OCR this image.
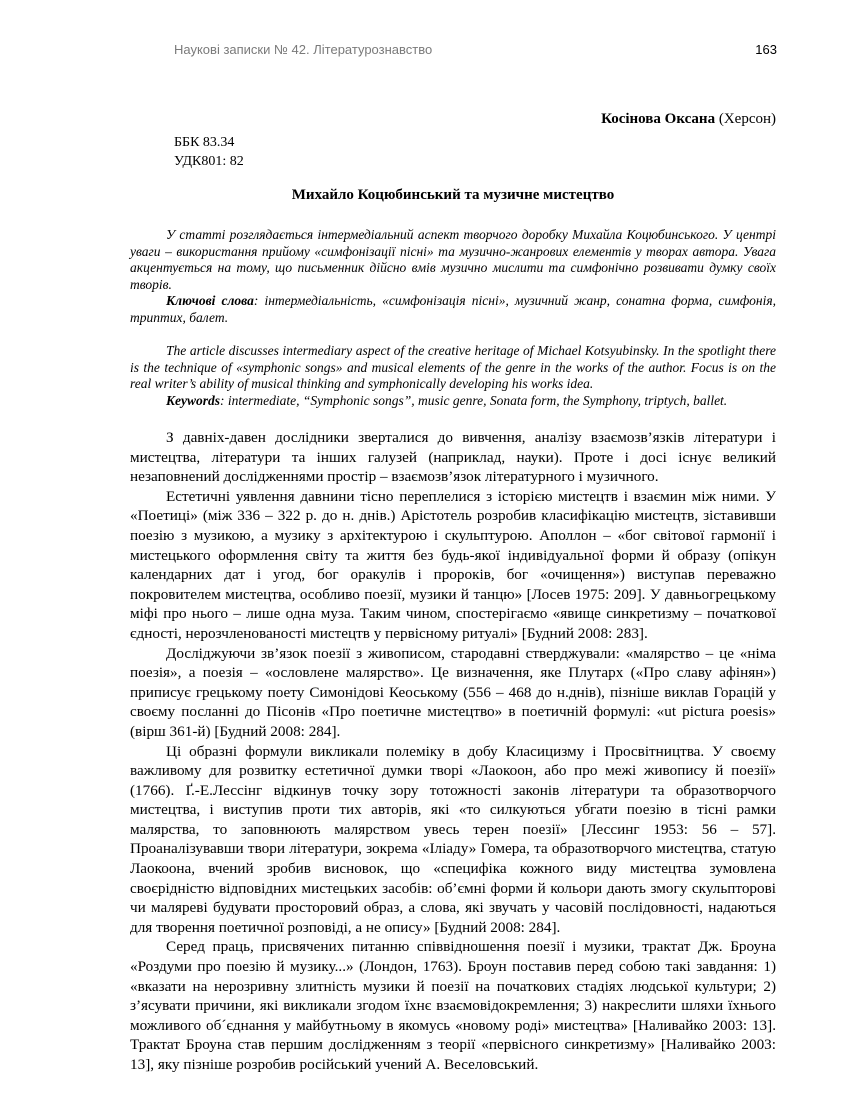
Наукові записки № 42. Літературознавство	163
Косінова Оксана (Херсон)
ББК 83.34
УДК801: 82
Михайло Коцюбинський та музичне мистецтво

У статті розглядається інтермедіальний аспект творчого доробку Михайла Коцюбинського. У центрі уваги – використання прийому «симфонізації пісні» та музично-жанрових елементів у творах автора. Увага акцентується на тому, що письменник дійсно вмів музично мислити та симфонічно розвивати думку своїх творів.

Ключові слова: інтермедіальність, «симфонізація пісні», музичний жанр, сонатна форма, симфонія, триптих, балет.

The article discusses intermediary aspect of the creative heritage of Michael Kotsyubinsky. In the spotlight there is the technique of «symphonic songs» and musical elements of the genre in the works of the author. Focus is on the real writer’s ability of musical thinking and symphonically developing his works idea.

Keywords: intermediate, “Symphonic songs”, music genre, Sonata form, the Symphony, triptych, ballet.

З давніх-давен дослідники зверталися до вивчення, аналізу взаємозв’язків літератури і мистецтва, літератури та інших галузей (наприклад, науки). Проте і досі існує великий незаповнений дослідженнями простір – взаємозв’язок літературного і музичного.

Естетичні уявлення давнини тісно переплелися з історією мистецтв і взаємин між ними. У «Поетиці» (між 336 – 322 р. до н. днів.) Арістотель розробив класифікацію мистецтв, зіставивши поезію з музикою, а музику з архітектурою і скульптурою. Аполлон – «бог світової гармонії і мистецького оформлення світу та життя без будь-якої індивідуальної форми й образу (опікун календарних дат і угод, бог оракулів і пророків, бог «очищення») виступав переважно покровителем мистецтва, особливо поезії, музики й танцю» [Лосев 1975: 209]. У давньогрецькому міфі про нього – лише одна муза. Таким чином, спостерігаємо «явище синкретизму – початкової єдності, нерозчленованості мистецтв у первісному ритуалі» [Будний 2008: 283].

Досліджуючи зв’язок поезії з живописом, стародавні стверджували: «малярство – це «німа поезія», а поезія – «ословлене малярство». Це визначення, яке Плутарх («Про славу афінян») приписує грецькому поету Симонідові Кеоському (556 – 468 до н.днів), пізніше виклав Горацій у своєму посланні до Пісонів «Про поетичне мистецтво» в поетичній формулі: «ut pictura poesis» (вірш 361-й) [Будний 2008: 284].

Ці образні формули викликали полеміку в добу Класицизму і Просвітництва. У своєму важливому для розвитку естетичної думки творі «Лаокоон, або про межі живопису й поезії» (1766). Ґ.-Е.Лессінг відкинув точку зору тотожності законів літератури та образотворчого мистецтва, і виступив проти тих авторів, які «то силкуються убгати поезію в тісні рамки малярства, то заповнюють малярством увесь терен поезії» [Лессинг 1953: 56 – 57]. Проаналізувавши твори літератури, зокрема «Іліаду» Гомера, та образотворчого мистецтва, статую Лаокоона, вчений зробив висновок, що «специфіка кожного виду мистецтва зумовлена своєрідністю відповідних мистецьких засобів: об’ємні форми й кольори дають змогу скульпторові чи маляреві будувати просторовий образ, а слова, які звучать у часовій послідовності, надаються для творення поетичної розповіді, а не опису» [Будний 2008: 284].

Серед праць, присвячених питанню співвідношення поезії і музики, трактат Дж. Броуна «Роздуми про поезію й музику...» (Лондон, 1763). Броун поставив перед собою такі завдання: 1) «вказати на нерозривну злитність музики й поезії на початкових стадіях людської культури; 2) з’ясувати причини, які викликали згодом їхнє взаємовідокремлення; 3) накреслити шляхи їхнього можливого об´єднання у майбутньому в якомусь «новому роді» мистецтва» [Наливайко 2003: 13]. Трактат Броуна став першим дослідженням з теорії «первісного синкретизму» [Наливайко 2003: 13], яку пізніше розробив російський учений А. Веселовський.
